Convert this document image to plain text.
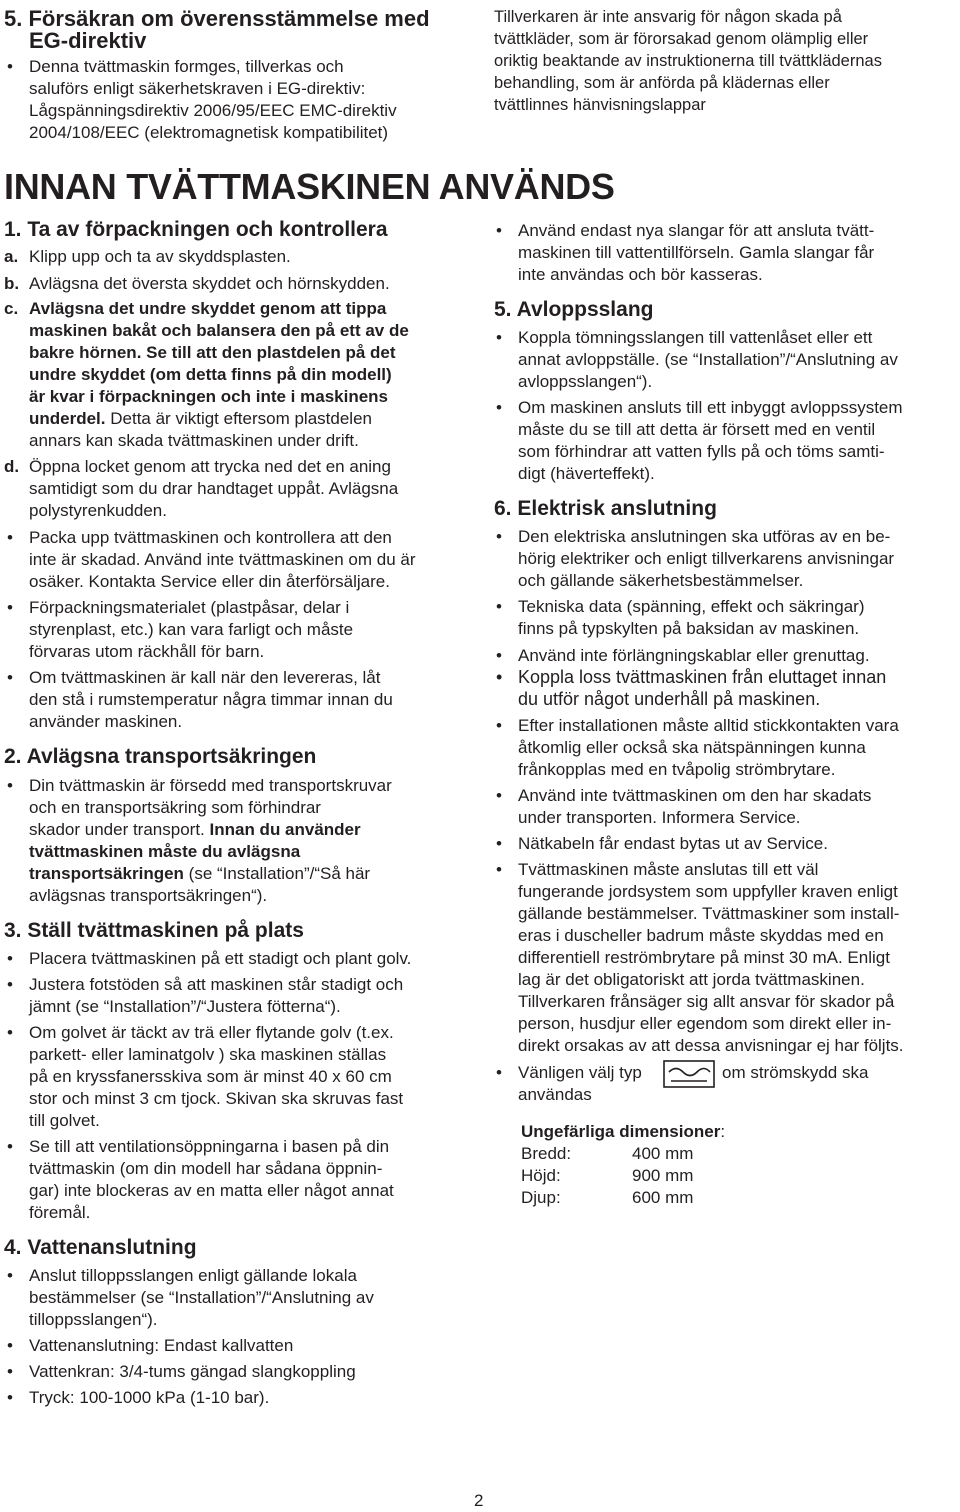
5. Försäkran om överensstämmelse med
EG-direktiv
• Denna tvättmaskin formges, tillverkas och
saluförs enligt säkerhetskraven i EG-direktiv:
Lågspänningsdirektiv 2006/95/EEC EMC-direktiv
2004/108/EEC (elektromagnetisk kompatibilitet)
Tillverkaren är inte ansvarig för någon skada på
tvättkläder, som är förorsakad genom olämplig eller
oriktig beaktande av instruktionerna till tvättklädernas
behandling, som är anförda på klädernas eller
tvättlinnes hänvisningslappar
INNAN TVÄTTMASKINEN ANVÄNDS
1. Ta av förpackningen och kontrollera
a. Klipp upp och ta av skyddsplasten.
b. Avlägsna det översta skyddet och hörnskydden.
c. Avlägsna det undre skyddet genom att tippa
maskinen bakåt och balansera den på ett av de
bakre hörnen. Se till att den plastdelen på det
undre skyddet (om detta finns på din modell)
är kvar i förpackningen och inte i maskinens
underdel. Detta är viktigt eftersom plastdelen
annars kan skada tvättmaskinen under drift.
d. Öppna locket genom att trycka ned det en aning
samtidigt som du drar handtaget uppåt. Avlägsna
polystyrenkudden.
• Packa upp tvättmaskinen och kontrollera att den
inte är skadad. Använd inte tvättmaskinen om du är
osäker. Kontakta Service eller din återförsäljare.
• Förpackningsmaterialet (plastpåsar, delar i
styrenplast, etc.) kan vara farligt och måste
förvaras utom räckhåll för barn.
• Om tvättmaskinen är kall när den levereras, låt
den stå i rumstemperatur några timmar innan du
använder maskinen.
2. Avlägsna transportsäkringen
• Din tvättmaskin är försedd med transportskruvar
och en transportsäkring som förhindrar
skador under transport. Innan du använder
tvättmaskinen måste du avlägsna
transportsäkringen (se “Installation”/“Så här
avlägsnas transportsäkringen“).
3. Ställ tvättmaskinen på plats
• Placera tvättmaskinen på ett stadigt och plant golv.
• Justera fotstöden så att maskinen står stadigt och
jämnt (se “Installation”/“Justera fötterna“).
• Om golvet är täckt av trä eller flytande golv (t.ex.
parkett- eller laminatgolv ) ska maskinen ställas
på en kryssfanersskiva som är minst 40 x 60 cm
stor och minst 3 cm tjock. Skivan ska skruvas fast
till golvet.
• Se till att ventilationsöppningarna i basen på din
tvättmaskin (om din modell har sådana öppnin-
gar) inte blockeras av en matta eller något annat
föremål.
4. Vattenanslutning
• Anslut tilloppsslangen enligt gällande lokala
bestämmelser (se “Installation”/“Anslutning av
tilloppsslangen“).
• Vattenanslutning: Endast kallvatten
• Vattenkran: 3/4-tums gängad slangkoppling
• Tryck: 100-1000 kPa (1-10 bar).
• Använd endast nya slangar för att ansluta tvätt-
maskinen till vattentillförseln. Gamla slangar får
inte användas och bör kasseras.
5. Avloppsslang
• Koppla tömningsslangen till vattenlåset eller ett
annat avloppställe. (se “Installation”/“Anslutning av
avloppsslangen“).
• Om maskinen ansluts till ett inbyggt avloppssystem
måste du se till att detta är försett med en ventil
som förhindrar att vatten fylls på och töms samti-
digt (häverteffekt).
6. Elektrisk anslutning
• Den elektriska anslutningen ska utföras av en be-
hörig elektriker och enligt tillverkarens anvisningar
och gällande säkerhetsbestämmelser.
• Tekniska data (spänning, effekt och säkringar)
finns på typskylten på baksidan av maskinen.
• Använd inte förlängningskablar eller grenuttag.
• Koppla loss tvättmaskinen från eluttaget innan
du utför något underhåll på maskinen.
• Efter installationen måste alltid stickkontakten vara
åtkomlig eller också ska nätspänningen kunna
frånkopplas med en tvåpolig strömbrytare.
• Använd inte tvättmaskinen om den har skadats
under transporten. Informera Service.
• Nätkabeln får endast bytas ut av Service.
• Tvättmaskinen måste anslutas till ett väl
fungerande jordsystem som uppfyller kraven enligt
gällande bestämmelser. Tvättmaskiner som install-
eras i duscheller badrum måste skyddas med en
differentiell reströmbrytare på minst 30 mA. Enligt
lag är det obligatoriskt att jorda tvättmaskinen.
Tillverkaren frånsäger sig allt ansvar för skador på
person, husdjur eller egendom som direkt eller in-
direkt orsakas av att dessa anvisningar ej har följts.
• Vänligen välj typ	om strömskydd ska
användas
Ungefärliga dimensioner:
Bredd:	400 mm
Höjd:	900 mm
Djup:	600 mm
2
